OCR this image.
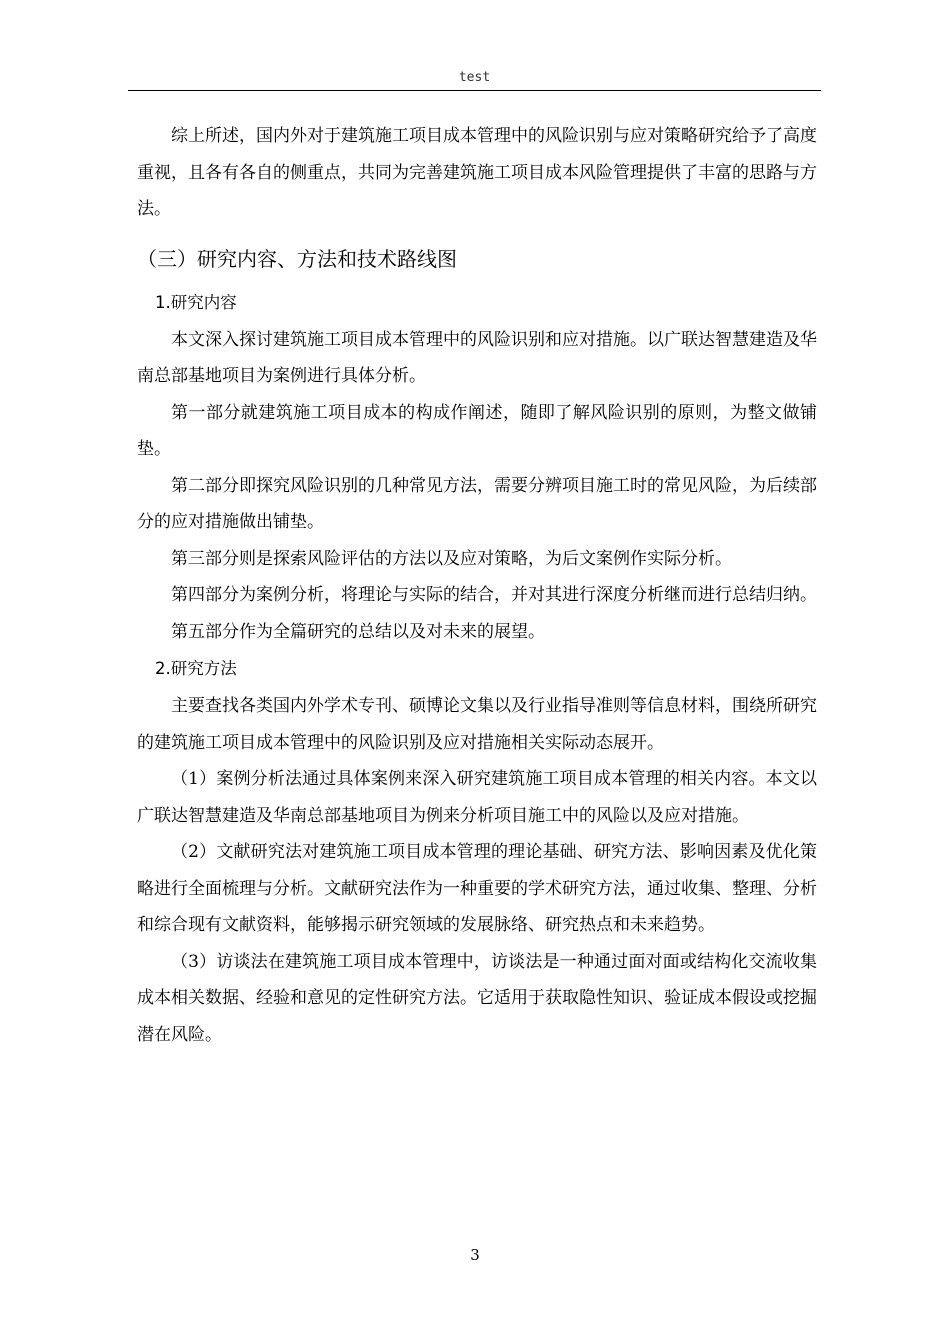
test

综上所述，国内外对于建筑施工项目成本管理中的风险识别与应对策略研究给予了高度重视，且各有各自的侧重点，共同为完善建筑施工项目成本风险管理提供了丰富的思路与方法。

（三）研究内容、方法和技术路线图
1.研究内容

本文深入探讨建筑施工项目成本管理中的风险识别和应对措施。以广联达智慧建造及华南总部基地项目为案例进行具体分析。

第一部分就建筑施工项目成本的构成作阐述，随即了解风险识别的原则，为整文做铺垫。

第二部分即探究风险识别的几种常见方法，需要分辨项目施工时的常见风险，为后续部分的应对措施做出铺垫。

第三部分则是探索风险评估的方法以及应对策略，为后文案例作实际分析。

第四部分为案例分析，将理论与实际的结合，并对其进行深度分析继而进行总结归纳。

第五部分作为全篇研究的总结以及对未来的展望。

2.研究方法

主要查找各类国内外学术专刊、硕博论文集以及行业指导准则等信息材料，围绕所研究的建筑施工项目成本管理中的风险识别及应对措施相关实际动态展开。

（1）案例分析法通过具体案例来深入研究建筑施工项目成本管理的相关内容。本文以广联达智慧建造及华南总部基地项目为例来分析项目施工中的风险以及应对措施。

（2）文献研究法对建筑施工项目成本管理的理论基础、研究方法、影响因素及优化策略进行全面梳理与分析。文献研究法作为一种重要的学术研究方法，通过收集、整理、分析和综合现有文献资料，能够揭示研究领域的发展脉络、研究热点和未来趋势。

（3）访谈法在建筑施工项目成本管理中，访谈法是一种通过面对面或结构化交流收集成本相关数据、经验和意见的定性研究方法。它适用于获取隐性知识、验证成本假设或挖掘潜在风险。

3
